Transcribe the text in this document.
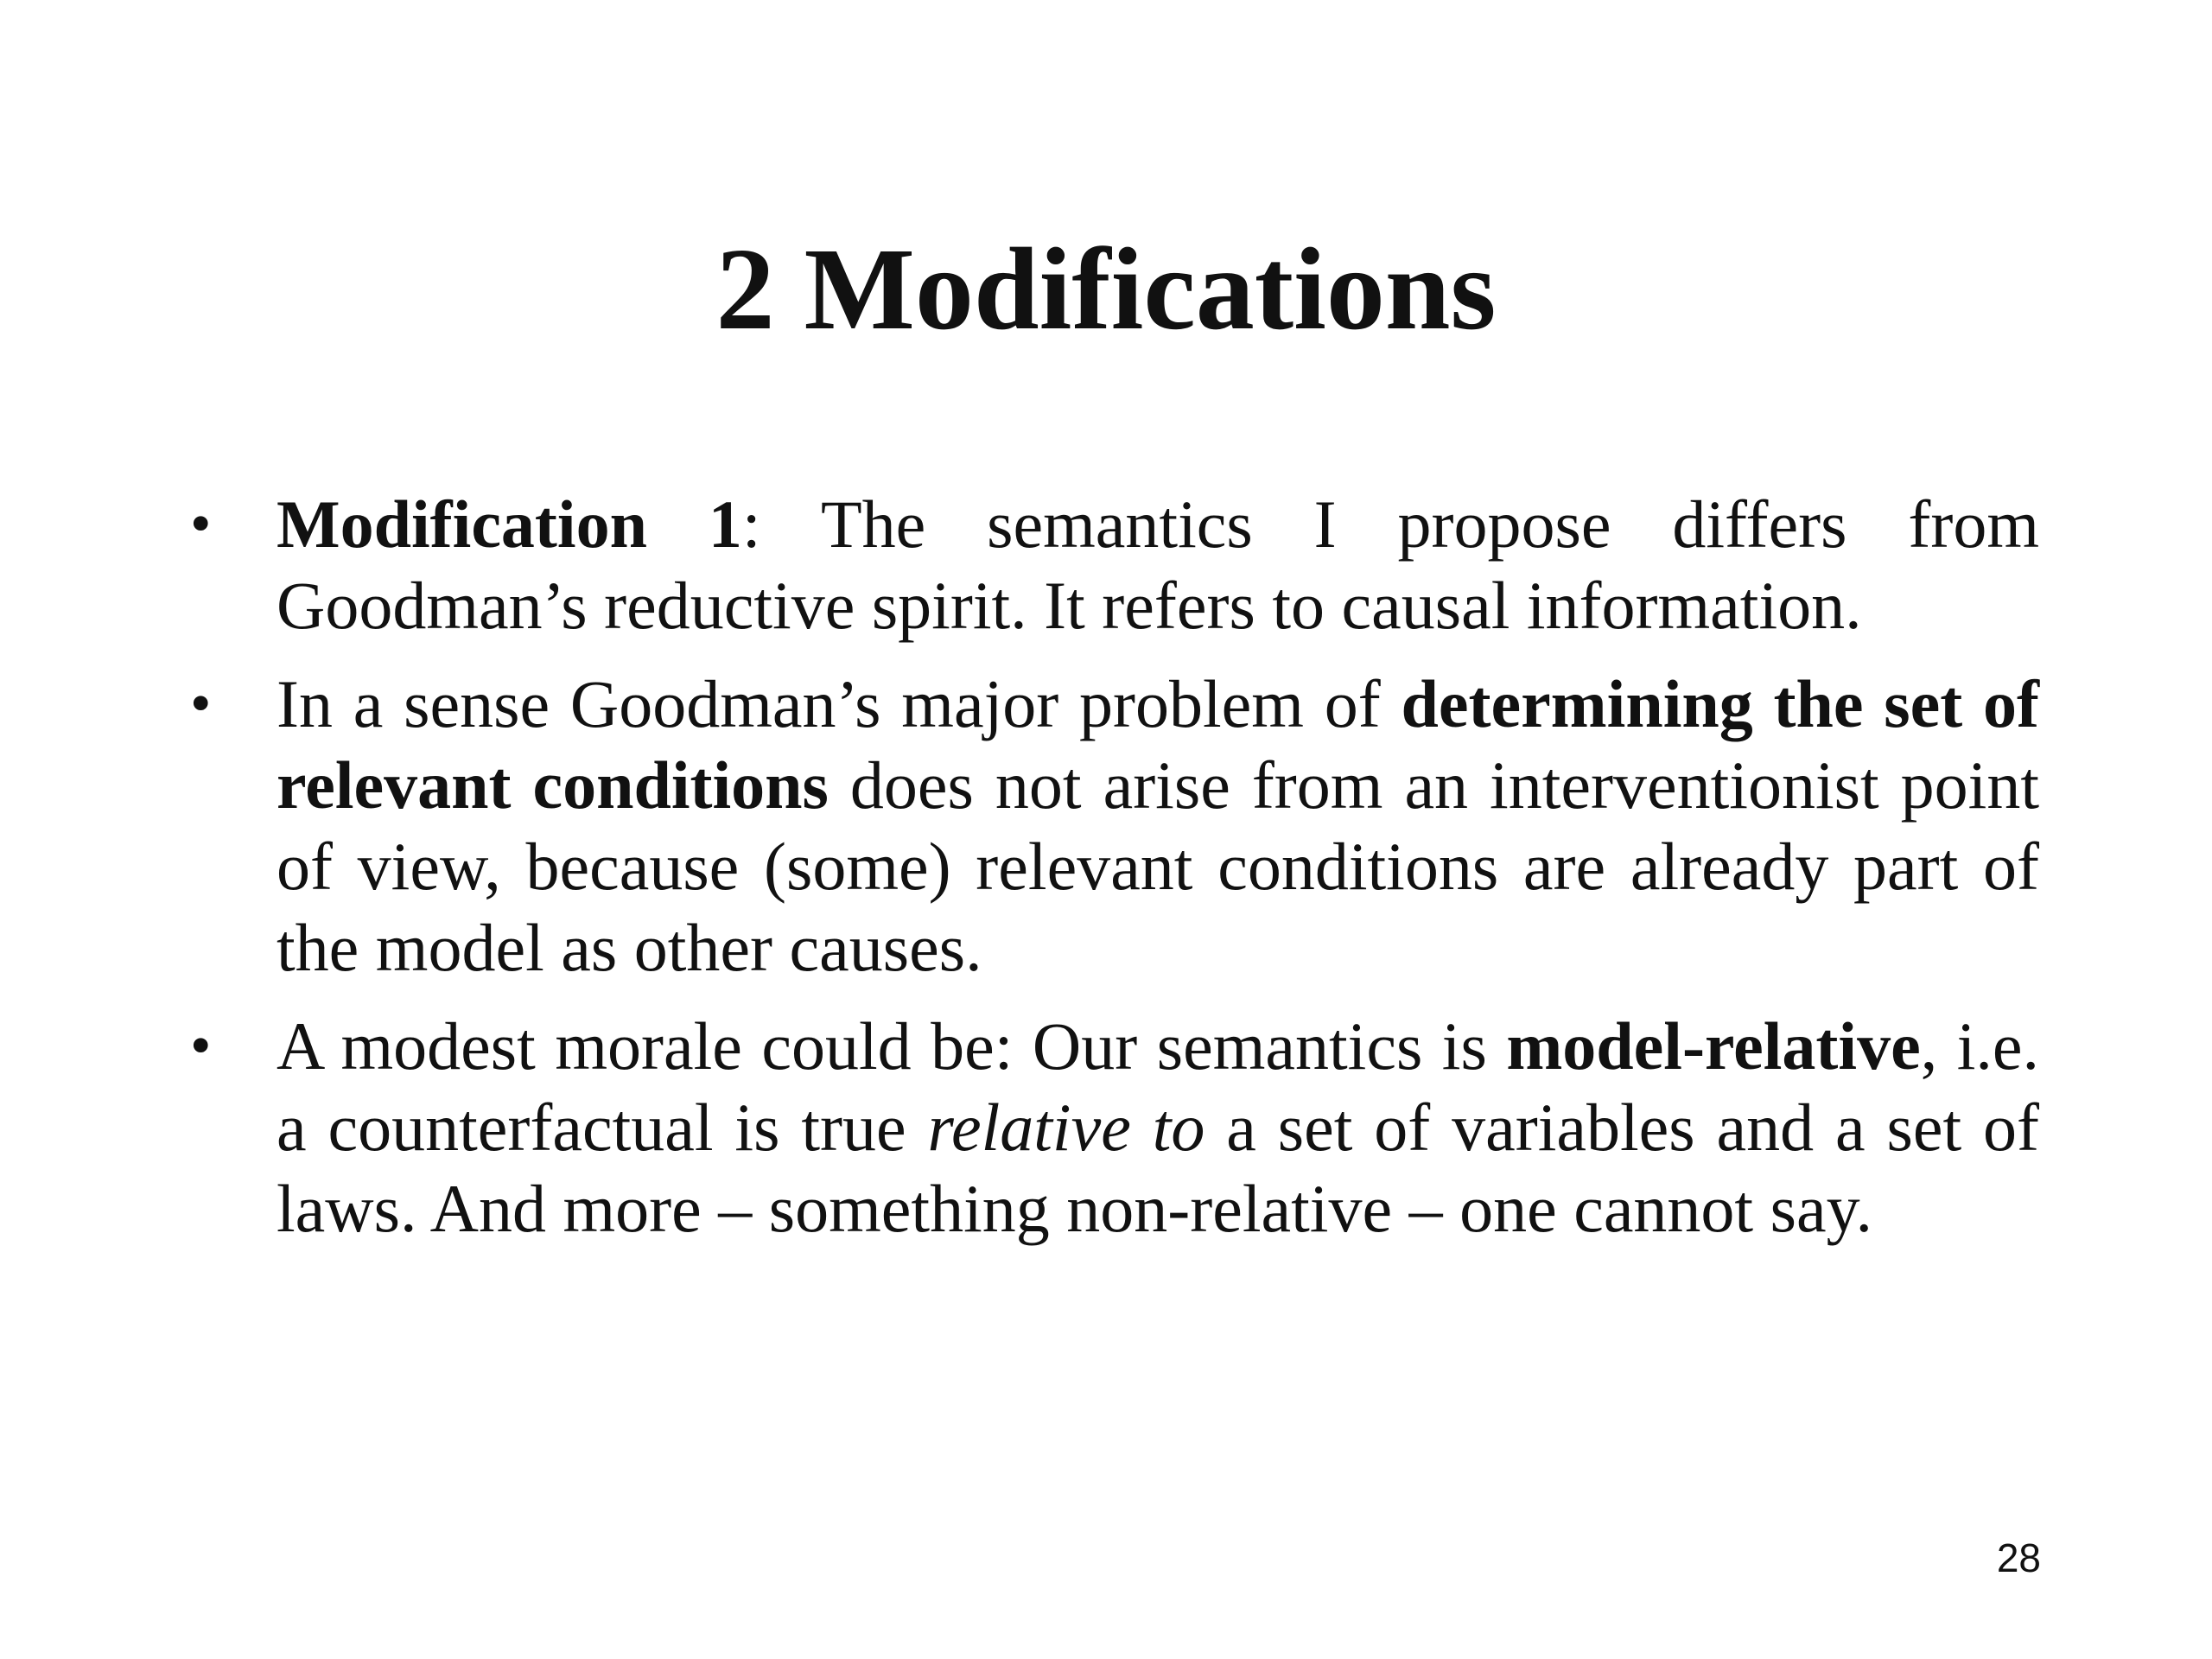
2 Modifications
• Modification 1: The semantics I propose differs from Goodman’s reductive spirit. It refers to causal information.
• In a sense Goodman’s major problem of determining the set of relevant conditions does not arise from an interventionist point of view, because (some) relevant conditions are already part of the model as other causes.
• A modest morale could be: Our semantics is model-relative, i.e. a counterfactual is true relative to a set of variables and a set of laws. And more – something non-relative – one cannot say.
28
